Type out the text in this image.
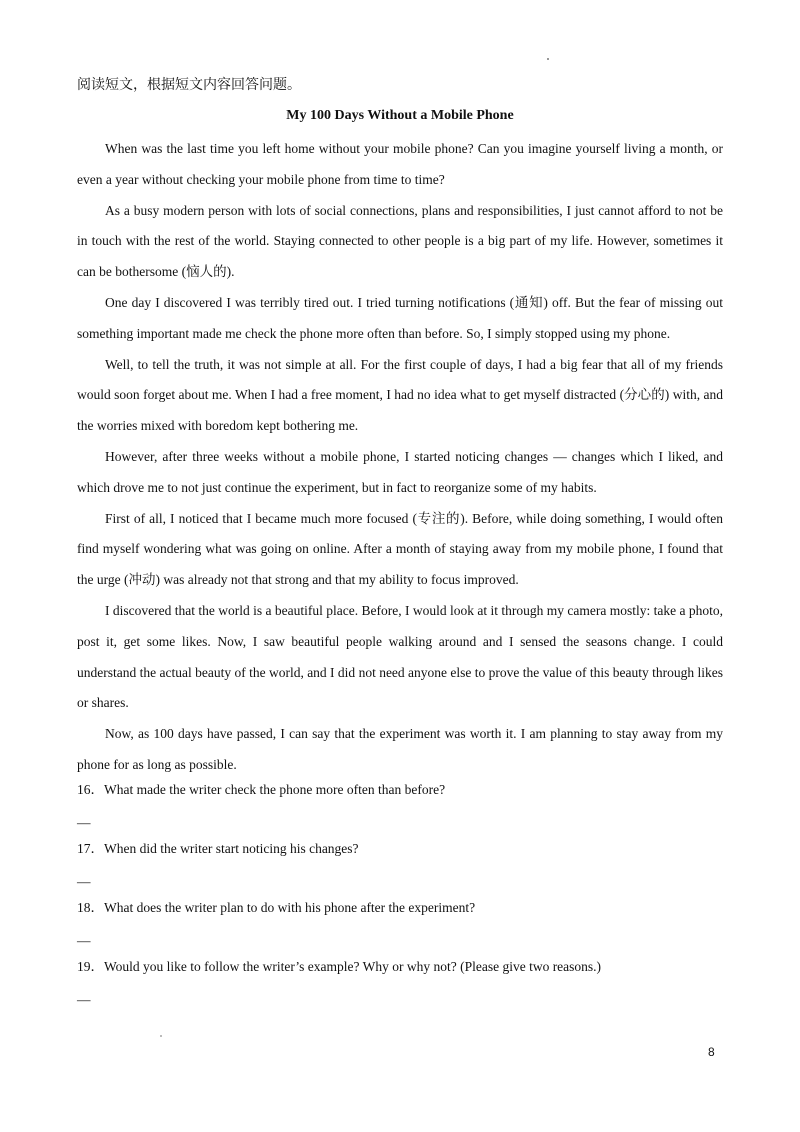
阅读短文，根据短文内容回答问题。
My 100 Days Without a Mobile Phone

When was the last time you left home without your mobile phone? Can you imagine yourself living a month, or even a year without checking your mobile phone from time to time?

As a busy modern person with lots of social connections, plans and responsibilities, I just cannot afford to not be in touch with the rest of the world. Staying connected to other people is a big part of my life. However, sometimes it can be bothersome (恼人的).

One day I discovered I was terribly tired out. I tried turning notifications (通知) off. But the fear of missing out something important made me check the phone more often than before. So, I simply stopped using my phone.

Well, to tell the truth, it was not simple at all. For the first couple of days, I had a big fear that all of my friends would soon forget about me. When I had a free moment, I had no idea what to get myself distracted (分心的) with, and the worries mixed with boredom kept bothering me.

However, after three weeks without a mobile phone, I started noticing changes — changes which I liked, and which drove me to not just continue the experiment, but in fact to reorganize some of my habits.

First of all, I noticed that I became much more focused (专注的). Before, while doing something, I would often find myself wondering what was going on online. After a month of staying away from my mobile phone, I found that the urge (冲动) was already not that strong and that my ability to focus improved.

I discovered that the world is a beautiful place. Before, I would look at it through my camera mostly: take a photo, post it, get some likes. Now, I saw beautiful people walking around and I sensed the seasons change. I could understand the actual beauty of the world, and I did not need anyone else to prove the value of this beauty through likes or shares.

Now, as 100 days have passed, I can say that the experiment was worth it. I am planning to stay away from my phone for as long as possible.

16．What made the writer check the phone more often than before?
—
17．When did the writer start noticing his changes?
—
18．What does the writer plan to do with his phone after the experiment?
—
19．Would you like to follow the writer’s example? Why or why not? (Please give two reasons.)
—
8
